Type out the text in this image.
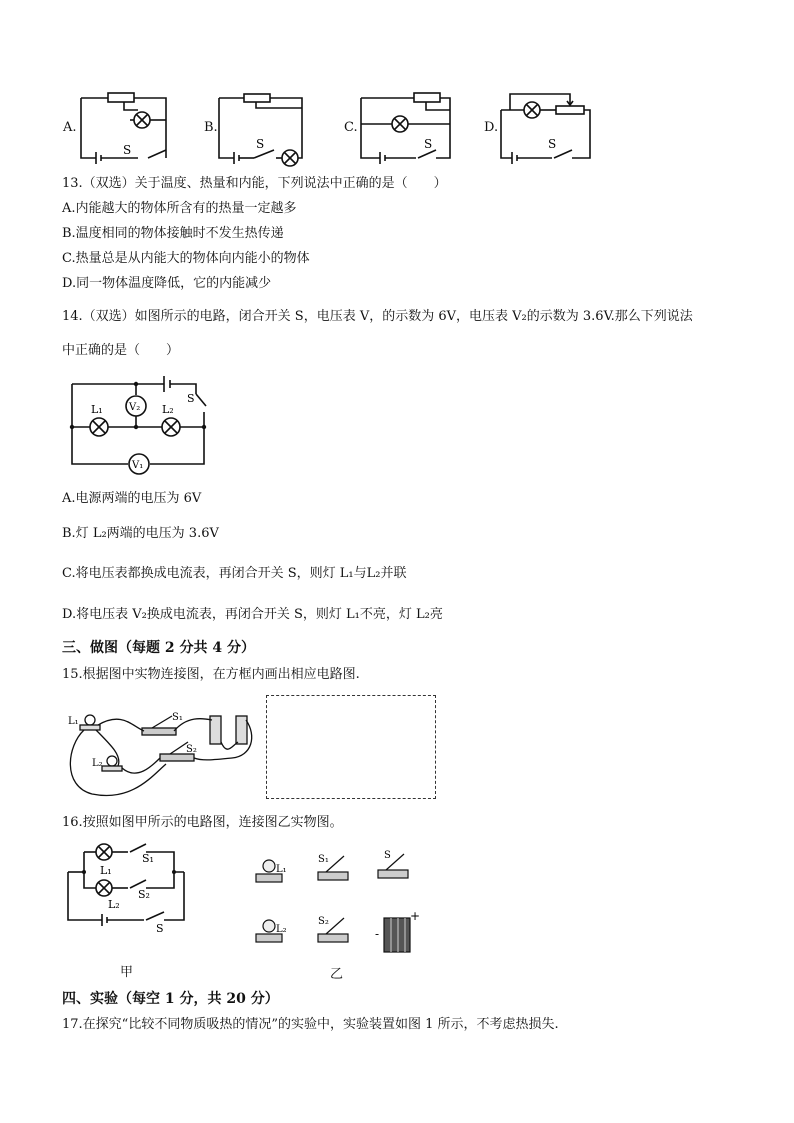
A.
S
B.
S
C.
S
D.
S
13.（双选）关于温度、热量和内能，下列说法中正确的是（　　）
A.内能越大的物体所含有的热量一定越多
B.温度相同的物体接触时不发生热传递
C.热量总是从内能大的物体向内能小的物体
D.同一物体温度降低，它的内能减少
14.（双选）如图所示的电路，闭合开关 S，电压表 V，的示数为 6V，电压表 V₂的示数为 3.6V.那么下列说法
中正确的是（　　）
L₁	L₂
V₂
V₁
S
A.电源两端的电压为 6V
B.灯 L₂两端的电压为 3.6V
C.将电压表都换成电流表，再闭合开关 S，则灯 L₁与L₂并联
D.将电压表 V₂换成电流表，再闭合开关 S，则灯 L₁不亮，灯 L₂亮
三、做图（每题 2 分共 4 分）
15.根据图中实物连接图，在方框内画出相应电路图.
L₁
L₂
S₁
S₂
16.按照如图甲所示的电路图，连接图乙实物图。
L₁
L₂
S₁
S₂
S
L₁
L₂
S₁
S₂
S
-
+
甲	乙
四、实验（每空 1 分，共 20 分）
17.在探究“比较不同物质吸热的情况”的实验中，实验装置如图 1 所示，不考虑热损失.
